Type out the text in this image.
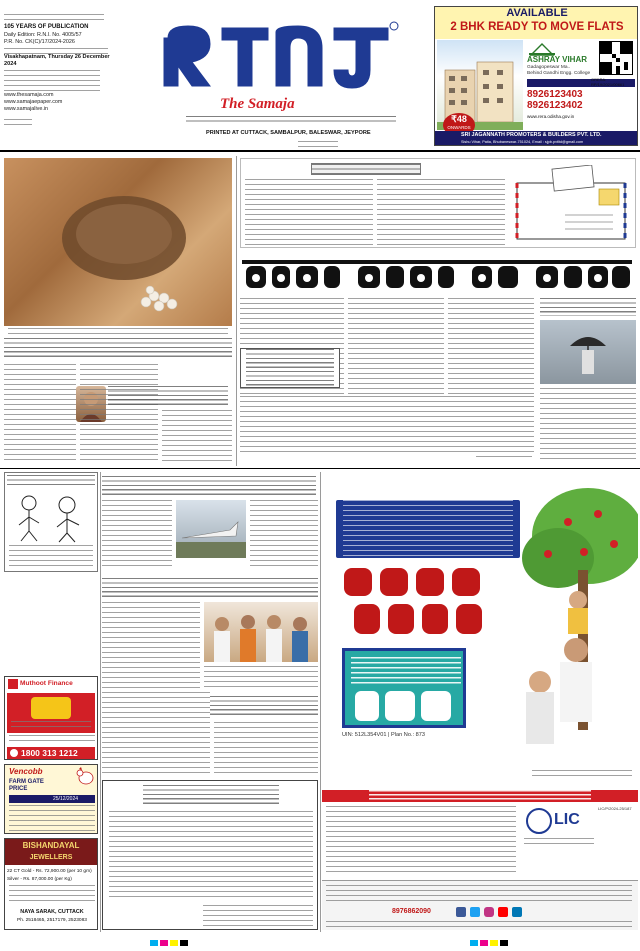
105 YEARS OF PUBLICATION
Daily Edition: R.N.I. No. 4005/57
P.R. No. CK(C)/17/2024-2026
Visakhapatnam, Thursday 26 December 2024
www.thesamaja.com
www.samajaepaper.com
www.samajalive.in	The Samaja
PRINTED AT CUTTACK, SAMBALPUR, BALESWAR, JEYPORE
AVAILABLE
2 BHK READY TO MOVE FLATS
₹48
ONWARDS
ASHRAY VIHAR
Gadagopeswar Ma..
Behind Gandhi Engg. College
8926123403
8926123402
ORERA: RP/19/2021/00661
www.rera.odisha.gov.in
SRI JAGANNATH PROMOTERS & BUILDERS PVT. LTD.
Sishu Vihar, Patia, Bhubaneswar-751024, Email : sjpb.pvtltd@gmail.com
Muthoot Finance
1800 313 1212
Vencobb
FARM GATE
PRICE
25/12/2024
BISHANDAYAL
JEWELLERS
22 CT Gold - Rs. 72,900.00 (per 10 gm)
Silver - Rs. 87,000.00 (per Kg)
NAYA SARAK, CUTTACK
Ph. 2518465, 2517179, 2523083
UIN: 512L354V01 | Plan No.: 873
LIC
LIC/P/2024-25/187
8976862090
